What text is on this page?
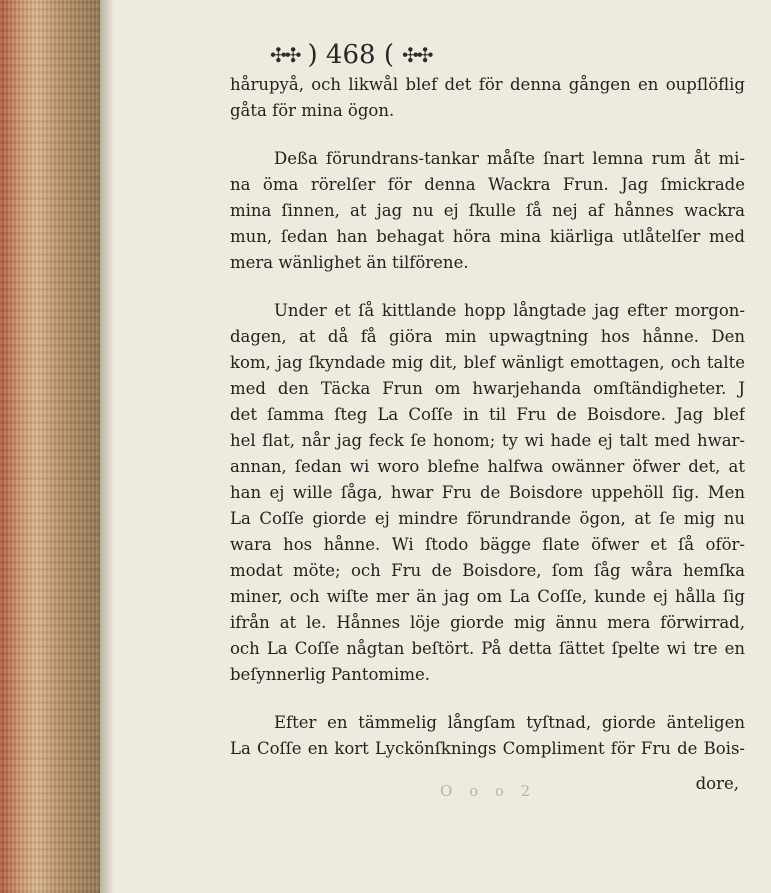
✣✣ ) 468 ( ✣✣
hårupyå, och likwål blef det för denna gången en oupſlöflig
gåta för mina ögon.
Deßa förundrans-tankar måſte ſnart lemna rum åt mi-
na öma rörelſer för denna Wackra Frun. Jag ſmickrade
mina ſinnen, at jag nu ej ſkulle ſå nej af hånnes wackra
mun, ſedan han behagat höra mina kiärliga utlåtelſer med
mera wänlighet än tilförene.
Under et ſå kittlande hopp långtade jag efter morgon-
dagen, at då få giöra min upwagtning hos hånne. Den
kom, jag ſkyndade mig dit, blef wänligt emottagen, och talte
med den Täcka Frun om hwarjehanda omſtändigheter. J
det ſamma ſteg La Coſſe in til Fru de Boisdore. Jag blef
hel flat, når jag feck ſe honom; ty wi hade ej talt med hwar-
annan, ſedan wi woro blefne halfwa owänner öfwer det, at
han ej wille ſåga, hwar Fru de Boisdore uppehöll ſig. Men
La Coſſe giorde ej mindre förundrande ögon, at ſe mig nu
wara hos hånne. Wi ſtodo bägge flate öfwer et ſå oför-
modat möte; och Fru de Boisdore, ſom ſåg wåra hemſka
miner, och wiſte mer än jag om La Coſſe, kunde ej hålla ſig
ifrån at le. Hånnes löje giorde mig ännu mera förwirrad,
och La Coſſe någtan beſtört. På detta ſättet ſpelte wi tre en
beſynnerlig Pantomime.
Efter en tämmelig långſam tyſtnad, giorde änteligen
La Coſſe en kort Lyckönſknings Compliment för Fru de Bois-
dore,
O o o 2
